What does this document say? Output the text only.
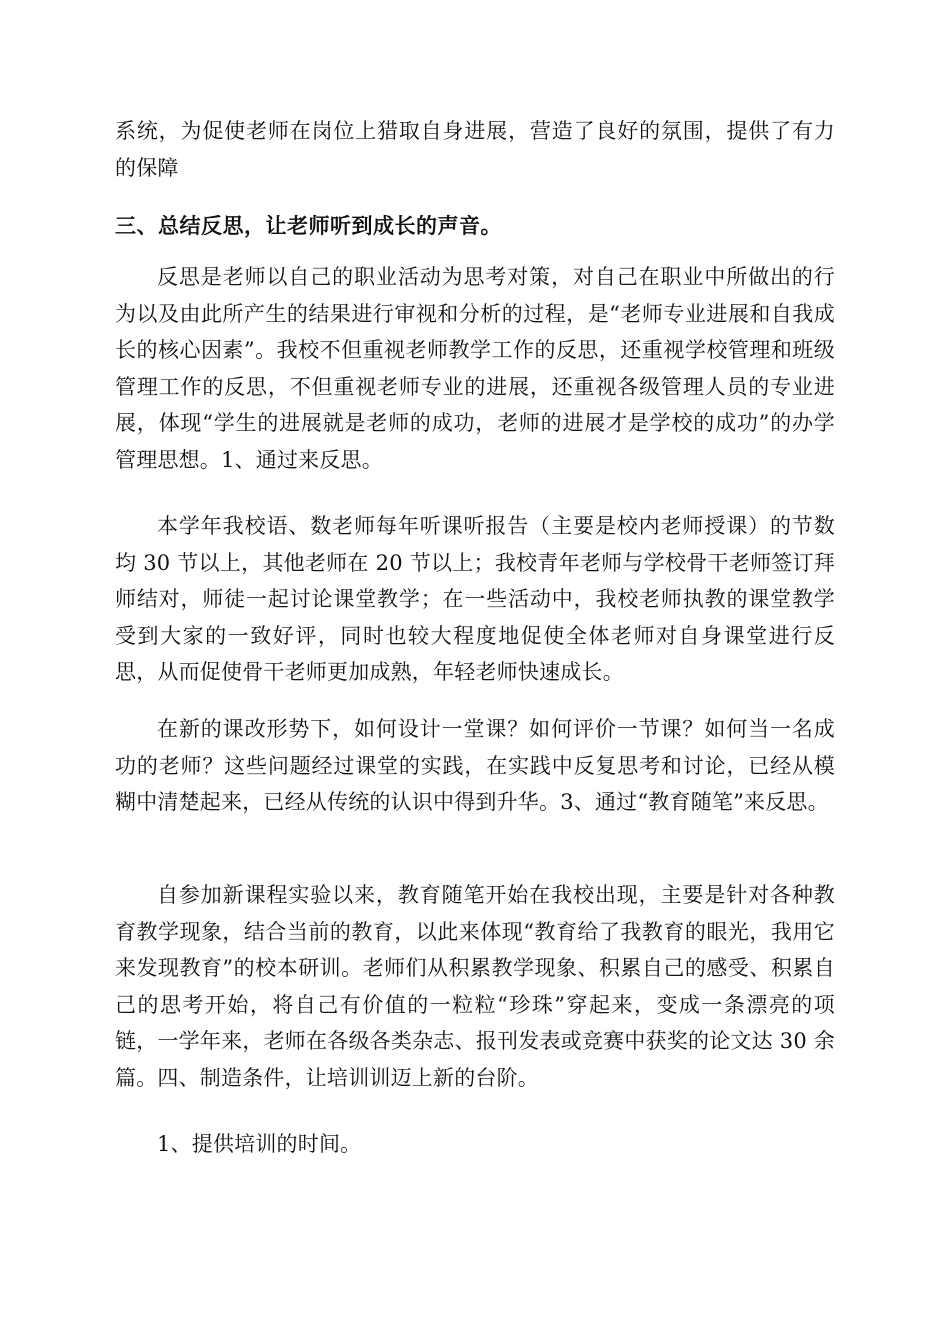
系统，为促使老师在岗位上猎取自身进展，营造了良好的氛围，提供了有力的保障

三、总结反思，让老师听到成长的声音。

反思是老师以自己的职业活动为思考对策，对自己在职业中所做出的行为以及由此所产生的结果进行审视和分析的过程，是“老师专业进展和自我成长的核心因素”。我校不但重视老师教学工作的反思，还重视学校管理和班级管理工作的反思，不但重视老师专业的进展，还重视各级管理人员的专业进展，体现“学生的进展就是老师的成功，老师的进展才是学校的成功”的办学管理思想。1、通过来反思。

本学年我校语、数老师每年听课听报告（主要是校内老师授课）的节数均 30 节以上，其他老师在 20 节以上；我校青年老师与学校骨干老师签订拜师结对，师徒一起讨论课堂教学；在一些活动中，我校老师执教的课堂教学受到大家的一致好评，同时也较大程度地促使全体老师对自身课堂进行反思，从而促使骨干老师更加成熟，年轻老师快速成长。

在新的课改形势下，如何设计一堂课？如何评价一节课？如何当一名成功的老师？这些问题经过课堂的实践，在实践中反复思考和讨论，已经从模糊中清楚起来，已经从传统的认识中得到升华。3、通过“教育随笔”来反思。

自参加新课程实验以来，教育随笔开始在我校出现，主要是针对各种教育教学现象，结合当前的教育，以此来体现“教育给了我教育的眼光，我用它来发现教育”的校本研训。老师们从积累教学现象、积累自己的感受、积累自己的思考开始，将自己有价值的一粒粒“珍珠”穿起来，变成一条漂亮的项链，一学年来，老师在各级各类杂志、报刊发表或竞赛中获奖的论文达 30 余篇。四、制造条件，让培训训迈上新的台阶。

1、提供培训的时间。
